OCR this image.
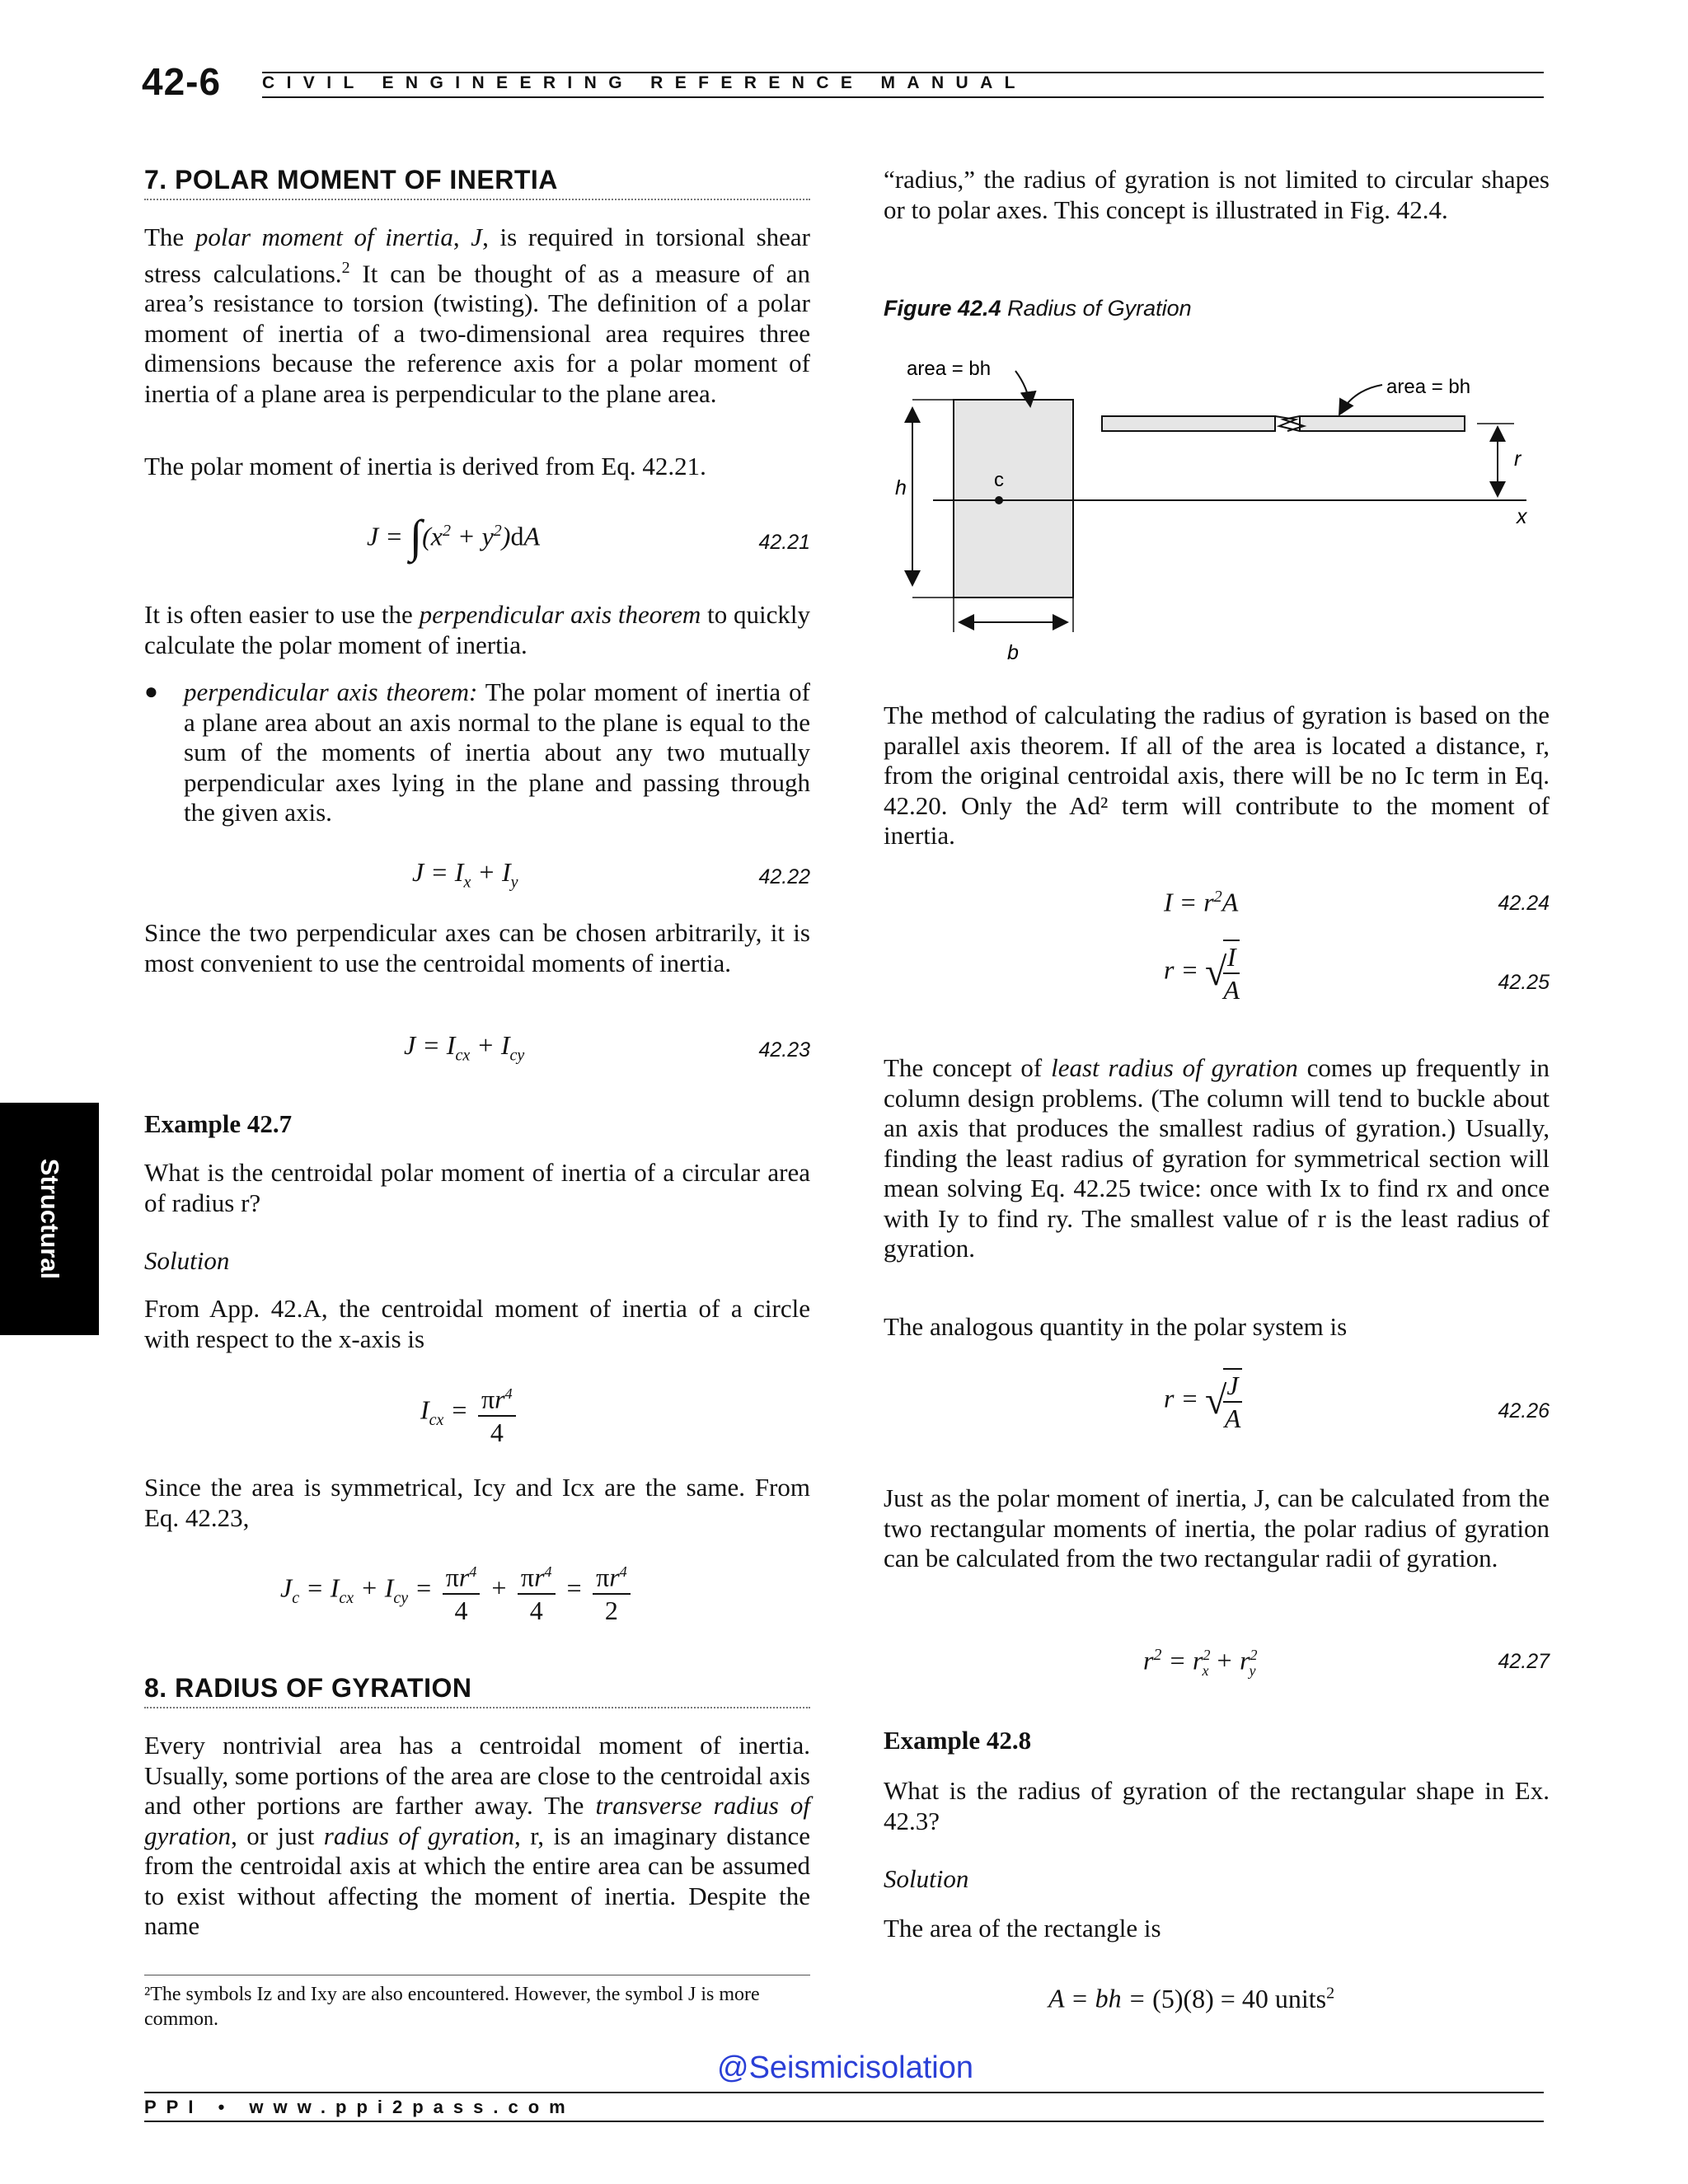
42-6 CIVIL ENGINEERING REFERENCE MANUAL
Structural
7. POLAR MOMENT OF INERTIA

The polar moment of inertia, J, is required in torsional shear stress calculations.$^2$ It can be thought of as a measure of an area’s resistance to torsion (twisting). The definition of a polar moment of inertia of a two-dimensional area requires three dimensions because the reference axis for a polar moment of inertia of a plane area is perpendicular to the plane area.

The polar moment of inertia is derived from Eq. 42.21.

$J = \int(x^2 + y^2)dA$	42.21

It is often easier to use the perpendicular axis theorem to quickly calculate the polar moment of inertia.

● perpendicular axis theorem: The polar moment of inertia of a plane area about an axis normal to the plane is equal to the sum of the moments of inertia about any two mutually perpendicular axes lying in the plane and passing through the given axis.

$J = I_x + I_y$	42.22

Since the two perpendicular axes can be chosen arbitrarily, it is most convenient to use the centroidal moments of inertia.

$J = I_{cx} + I_{cy}$	42.23
Example 42.7

What is the centroidal polar moment of inertia of a circular area of radius r?

Solution

From App. 42.A, the centroidal moment of inertia of a circle with respect to the x-axis is

$I_{cx} = \frac{\pi r^4}{4}$

Since the area is symmetrical, Icy and Icx are the same. From Eq. 42.23,

$J_c = I_{cx} + I_{cy} = \frac{\pi r^4}{4} + \frac{\pi r^4}{4} = \frac{\pi r^4}{2}$
8. RADIUS OF GYRATION

Every nontrivial area has a centroidal moment of inertia. Usually, some portions of the area are close to the centroidal axis and other portions are farther away. The transverse radius of gyration, or just radius of gyration, r, is an imaginary distance from the centroidal axis at which the entire area can be assumed to exist without affecting the moment of inertia. Despite the name

²The symbols Iz and Ixy are also encountered. However, the symbol J is more common.

“radius,” the radius of gyration is not limited to circular shapes or to polar axes. This concept is illustrated in Fig. 42.4.

Figure 42.4 Radius of Gyration
c
h
b
area = bh
area = bh
r
x

The method of calculating the radius of gyration is based on the parallel axis theorem. If all of the area is located a distance, r, from the original centroidal axis, there will be no Ic term in Eq. 42.20. Only the Ad² term will contribute to the moment of inertia.

$I = r^2A$	42.24
r = √
$\frac{I}{A}$	42.25

The concept of least radius of gyration comes up frequently in column design problems. (The column will tend to buckle about an axis that produces the smallest radius of gyration.) Usually, finding the least radius of gyration for symmetrical section will mean solving Eq. 42.25 twice: once with Ix to find rx and once with Iy to find ry. The smallest value of r is the least radius of gyration.

The analogous quantity in the polar system is

r = √
$\frac{J}{A}$	42.26

Just as the polar moment of inertia, J, can be calculated from the two rectangular moments of inertia, the polar radius of gyration can be calculated from the two rectangular radii of gyration.

$r^2 = r^2_x + r^2_y$	42.27
Example 42.8

What is the radius of gyration of the rectangular shape in Ex. 42.3?

Solution

The area of the rectangle is

A = bh = (5)(8) = 40 units$^2$
@Seismicisolation
PPI • www.ppi2pass.com
